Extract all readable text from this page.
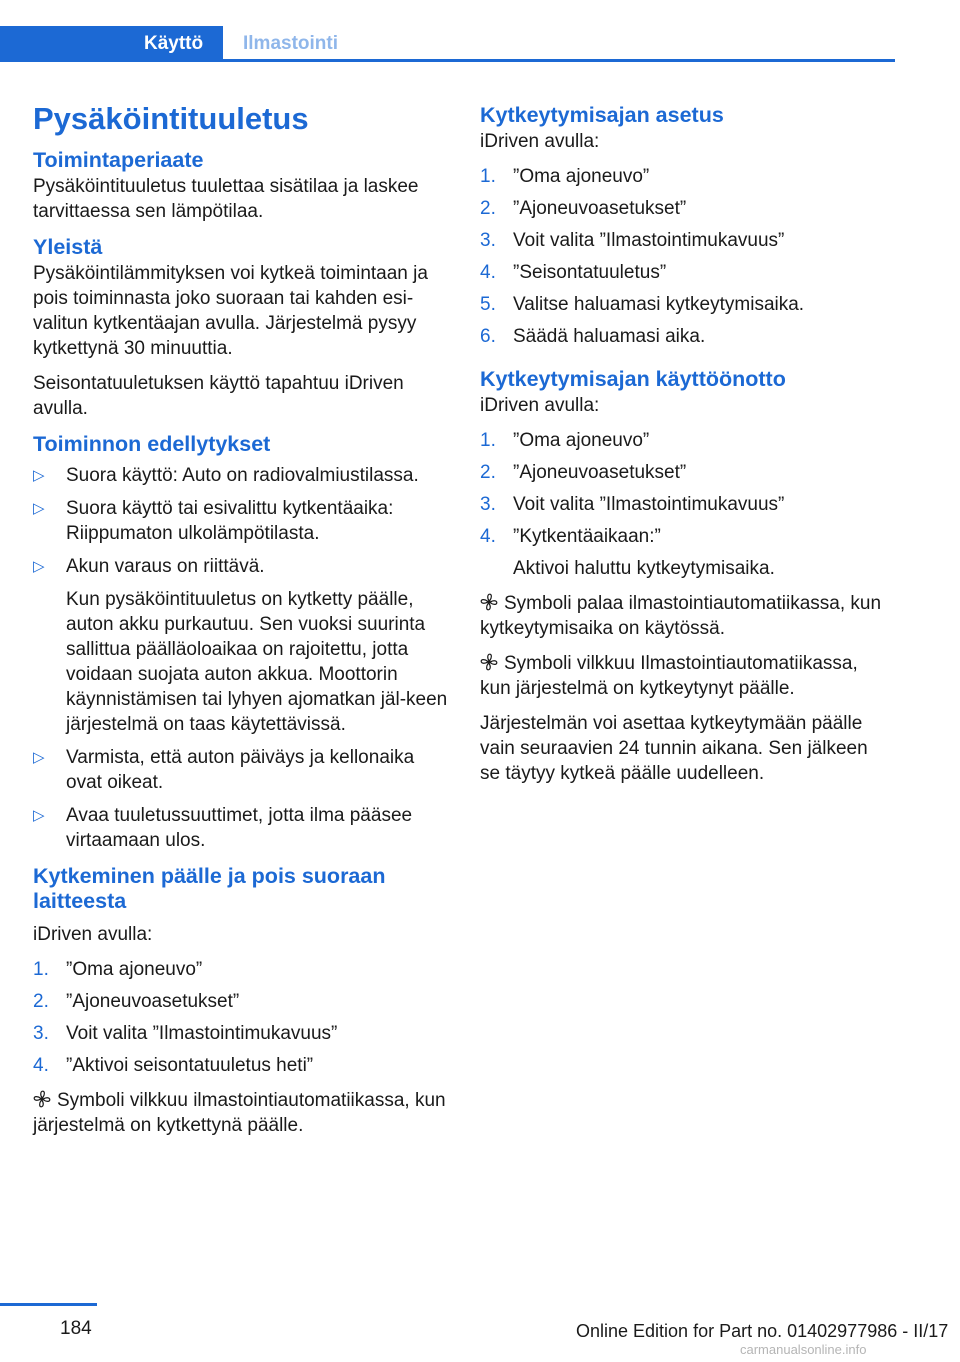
Käyttö	Ilmastointi
Pysäköintituuletus
Toimintaperiaate

Pysäköintituuletus tuulettaa sisätilaa ja laskee tarvittaessa sen lämpötilaa.

Yleistä

Pysäköintilämmityksen voi kytkeä toimintaan ja pois toiminnasta joko suoraan tai kahden esi‐valitun kytkentäajan avulla. Järjestelmä pysyy kytkettynä 30 minuuttia.

Seisontatuuletuksen käyttö tapahtuu iDriven avulla.

Toiminnon edellytykset
▷ Suora käyttö: Auto on radiovalmiustilassa.
▷ Suora käyttö tai esivalittu kytkentäaika: Riippumaton ulkolämpötilasta.
▷ Akun varaus on riittävä.
Kun pysäköintituuletus on kytketty päälle, auton akku purkautuu. Sen vuoksi suurinta sallittua päälläoloaikaa on rajoitettu, jotta voidaan suojata auton akkua. Moottorin käynnistämisen tai lyhyen ajomatkan jäl‐keen järjestelmä on taas käytettävissä.
▷ Varmista, että auton päiväys ja kellonaika ovat oikeat.
▷ Avaa tuuletussuuttimet, jotta ilma pääsee virtaamaan ulos.
Kytkeminen päälle ja pois suoraan laitteesta

iDriven avulla:

1. ”Oma ajoneuvo”
2. ”Ajoneuvoasetukset”
3. Voit valita ”Ilmastointimukavuus”
4. ”Aktivoi seisontatuuletus heti”

Symboli vilkkuu ilmastointiautomatiikassa, kun järjestelmä on kytkettynä päälle.

Kytkeytymisajan asetus

iDriven avulla:

1. ”Oma ajoneuvo”
2. ”Ajoneuvoasetukset”
3. Voit valita ”Ilmastointimukavuus”
4. ”Seisontatuuletus”
5. Valitse haluamasi kytkeytymisaika.
6. Säädä haluamasi aika.
Kytkeytymisajan käyttöönotto

iDriven avulla:

1. ”Oma ajoneuvo”
2. ”Ajoneuvoasetukset”
3. Voit valita ”Ilmastointimukavuus”
4. ”Kytkentäaikaan:”
Aktivoi haluttu kytkeytymisaika.

Symboli palaa ilmastointiautomatiikassa, kun kytkeytymisaika on käytössä.

Symboli vilkkuu Ilmastointiautomatiikassa, kun järjestelmä on kytkeytynyt päälle.

Järjestelmän voi asettaa kytkeytymään päälle vain seuraavien 24 tunnin aikana. Sen jälkeen se täytyy kytkeä päälle uudelleen.

184	Online Edition for Part no. 01402977986 - II/17
carmanualsonline.info
